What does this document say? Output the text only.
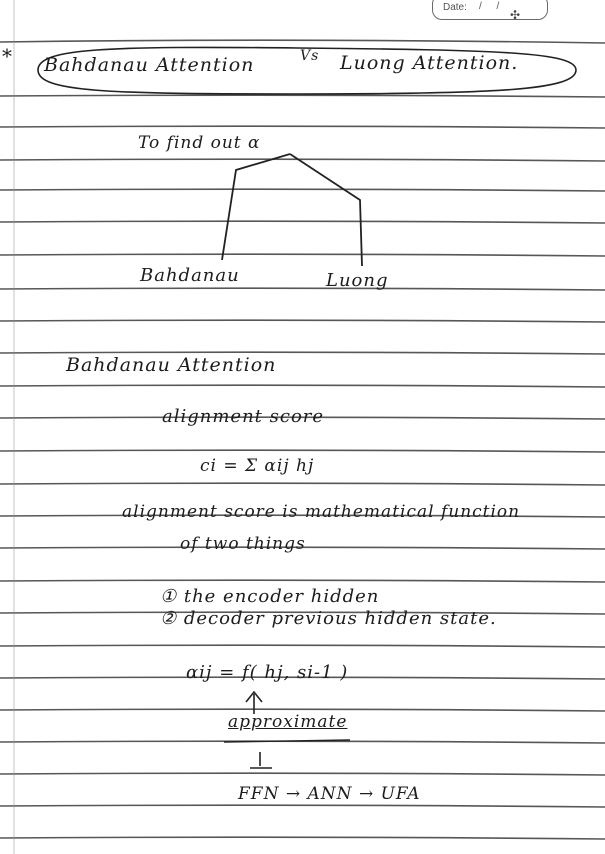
Date: / /
✣
* Bahdanau Attention	Vs Luong Attention.
To find out α
Bahdanau	Luong
Bahdanau Attention
alignment score
ci = Σ αij hj
alignment score is mathematical function
of two things
① the encoder hidden
② decoder previous hidden state.
αij = f( hj, si-1 )
approximate
FFN → ANN → UFA
